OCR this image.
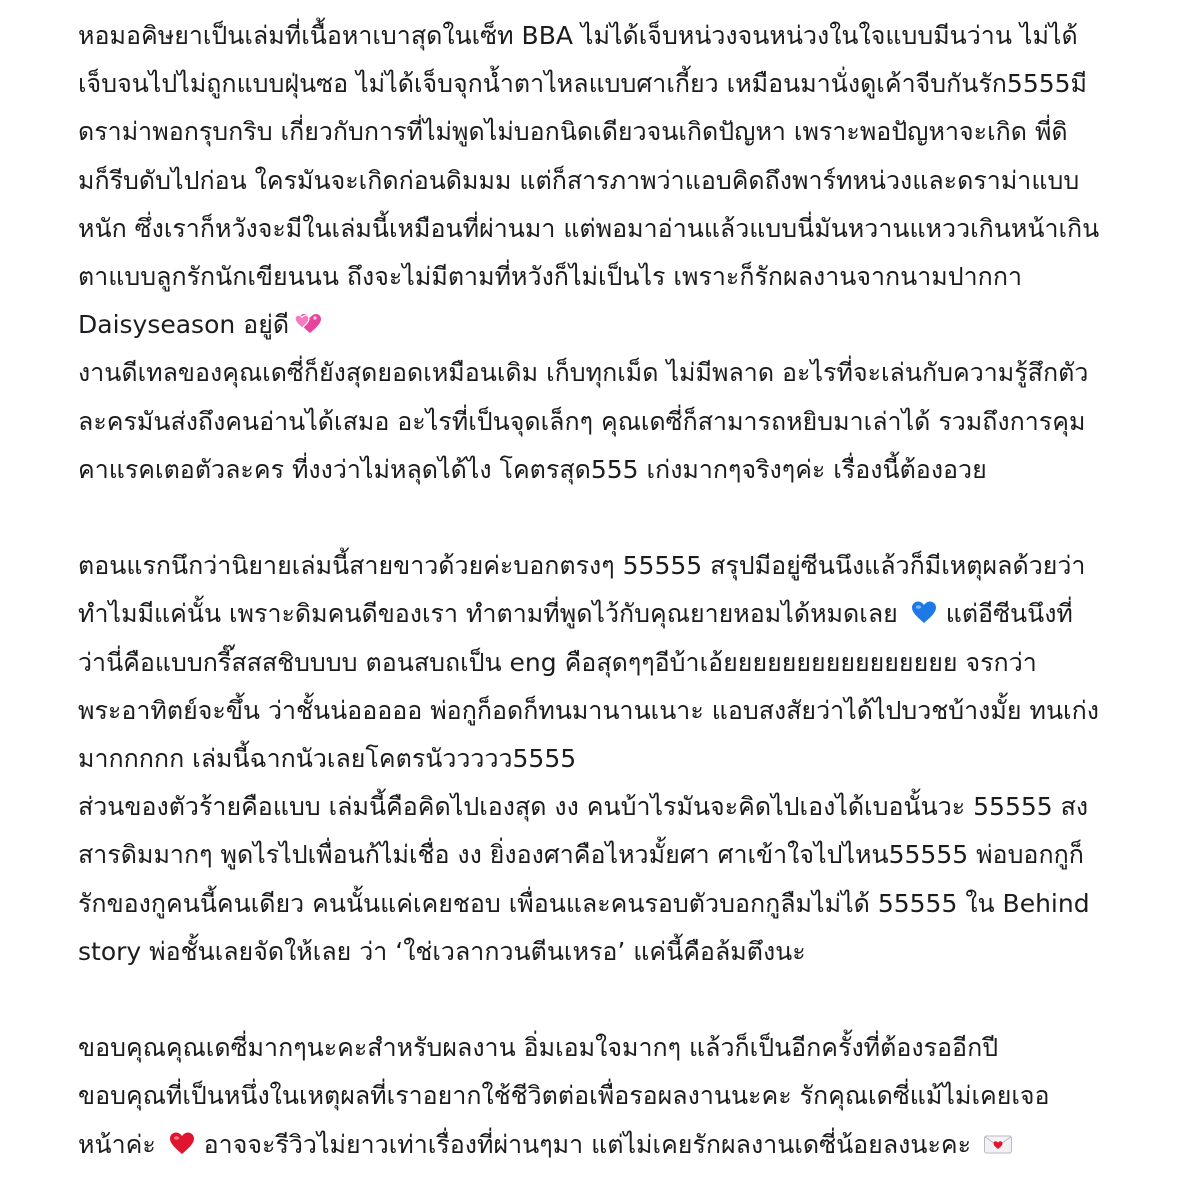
หอมอคิษยาเป็นเล่มที่เนื้อหาเบาสุดในเซ็ท BBA ไม่ได้เจ็บหน่วงจนหน่วงในใจแบบมีนว่าน ไม่ได้
เจ็บจนไปไม่ถูกแบบฝุ่นซอ ไม่ได้เจ็บจุกน้ำตาไหลแบบศาเกี้ยว เหมือนมานั่งดูเค้าจีบกันรัก5555มี
ดราม่าพอกรุบกริบ เกี่ยวกับการที่ไม่พูดไม่บอกนิดเดียวจนเกิดปัญหา เพราะพอปัญหาจะเกิด พี่ดิ
มก็รีบดับไปก่อน ใครมันจะเกิดก่อนดิมมม แต่ก็สารภาพว่าแอบคิดถึงพาร์ทหน่วงและดราม่าแบบ
หนัก ซึ่งเราก็หวังจะมีในเล่มนี้เหมือนที่ผ่านมา แต่พอมาอ่านแล้วแบบนี่มันหวานแหววเกินหน้าเกิน
ตาแบบลูกรักนักเขียนนน ถึงจะไม่มีตามที่หวังก็ไม่เป็นไร เพราะก็รักผลงานจากนามปากกา
Daisyseason อยู่ดี
งานดีเทลของคุณเดซี่ก็ยังสุดยอดเหมือนเดิม เก็บทุกเม็ด ไม่มีพลาด อะไรที่จะเล่นกับความรู้สึกตัว
ละครมันส่งถึงคนอ่านได้เสมอ อะไรที่เป็นจุดเล็กๆ คุณเดซี่ก็สามารถหยิบมาเล่าได้ รวมถึงการคุม
คาแรคเตอตัวละคร ที่งงว่าไม่หลุดได้ไง โคตรสุด555 เก่งมากๆจริงๆค่ะ เรื่องนี้ต้องอวย
ตอนแรกนึกว่านิยายเล่มนี้สายขาวด้วยค่ะบอกตรงๆ 55555 สรุปมีอยู่ซีนนึงแล้วก็มีเหตุผลด้วยว่า
ทำไมมีแค่นั้น เพราะดิมคนดีของเรา ทำตามที่พูดไว้กับคุณยายหอมได้หมดเลย แต่อีซีนนึงที่
ว่านี่คือแบบกรี๊สสสชิบบบบ ตอนสบถเป็น eng คือสุดๆๆอีบ้าเอ้ยยยยยยยยยยยยยยยย จรกว่า
พระอาทิตย์จะขึ้น ว่าชั้นน่อออออ พ่อกูก็อดก็ทนมานานเนาะ แอบสงสัยว่าได้ไปบวชบ้างมั้ย ทนเก่ง
มากกกกก เล่มนี้ฉากนัวเลยโคตรนัววววว5555
ส่วนของตัวร้ายคือแบบ เล่มนี้คือคิดไปเองสุด งง คนบ้าไรมันจะคิดไปเองได้เบอนั้นวะ 55555 สง
สารดิมมากๆ พูดไรไปเพื่อนก้ไม่เชื่อ งง ยิ่งองศาคือไหวมั้ยศา ศาเข้าใจไปไหน55555 พ่อบอกกูก็
รักของกูคนนี้คนเดียว คนนั้นแค่เคยชอบ เพื่อนและคนรอบตัวบอกกูลืมไม่ได้ 55555 ใน Behind
story พ่อชั้นเลยจัดให้เลย ว่า ‘ใช่เวลากวนตีนเหรอ’ แค่นี้คือล้มตึงนะ
ขอบคุณคุณเดซี่มากๆนะคะสำหรับผลงาน อิ่มเอมใจมากๆ แล้วก็เป็นอีกครั้งที่ต้องรออีกปี
ขอบคุณที่เป็นหนึ่งในเหตุผลที่เราอยากใช้ชีวิตต่อเพื่อรอผลงานนะคะ รักคุณเดซี่แม้ไม่เคยเจอ
หน้าค่ะ อาจจะรีวิวไม่ยาวเท่าเรื่องที่ผ่านๆมา แต่ไม่เคยรักผลงานเดซี่น้อยลงนะคะ
